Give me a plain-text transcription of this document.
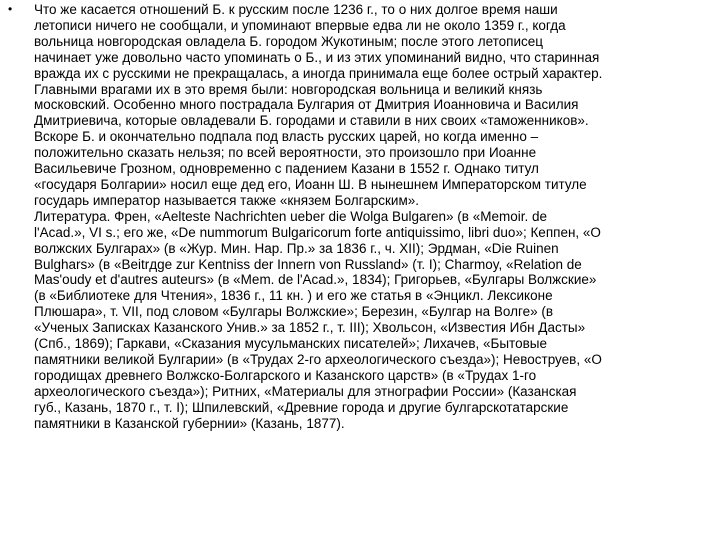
• Что же касается отношений Б. к русским после 1236 г., то о них долгое время наши
летописи ничего не сообщали, и упоминают впервые едва ли не около 1359 г., когда
вольница новгородская овладела Б. городом Жукотиным; после этого летописец
начинает уже довольно часто упоминать о Б., и из этих упоминаний видно, что старинная
вражда их с русскими не прекращалась, а иногда принимала еще более острый характер.
Главными врагами их в это время были: новгородская вольница и великий князь
московский. Особенно много пострадала Булгария от Дмитрия Иоанновича и Василия
Дмитриевича, которые овладевали Б. городами и ставили в них своих «таможенников».
Вскоре Б. и окончательно подпала под власть русских царей, но когда именно –
положительно сказать нельзя; по всей вероятности, это произошло при Иоанне
Васильевиче Грозном, одновременно с падением Казани в 1552 г. Однако титул
«государя Болгарии» носил еще дед его, Иоанн Ш. В нынешнем Императорском титуле
государь император называется также «князем Болгарским».

Литература. Френ, «Aelteste Nachrichten ueber die Wolga Bulgaren» (в «Memoir. de
l'Acad.», VI s.; его же, «De nummorum Bulgaricorum forte antiquissimo, libri duo»; Кеппен, «О
волжских Булгарах» (в «Жур. Мин. Нар. Пр.» за 1836 г., ч. XII); Эрдман, «Die Ruinen
Bulghars» (в «Beitrдge zur Kentniss der Innern von Russland» (т. I); Charmoy, «Relation de
Mas'oudy et d'autres auteurs» (в «Mem. de l'Acad.», 1834); Григорьев, «Булгары Волжские»
(в «Библиотеке для Чтения», 1836 г., 11 кн. ) и его же статья в «Энцикл. Лексиконе
Плюшара», т. VII, под словом «Булгары Волжские»; Березин, «Булгар на Волге» (в
«Ученых Записках Казанского Унив.» за 1852 г., т. III); Хвольсон, «Известия Ибн Дасты»
(Спб., 1869); Гаркави, «Сказания мусульманских писателей»; Лихачев, «Бытовые
памятники великой Булгарии» (в «Трудах 2-го археологического съезда»); Невоструев, «О
городищах древнего Волжско-Болгарского и Казанского царств» (в «Трудах 1-го
археологического съезда»); Ритних, «Материалы для этнографии России» (Казанская
губ., Казань, 1870 г., т. I); Шпилевский, «Древние города и другие булгарскотатарские
памятники в Казанской губернии» (Казань, 1877).
